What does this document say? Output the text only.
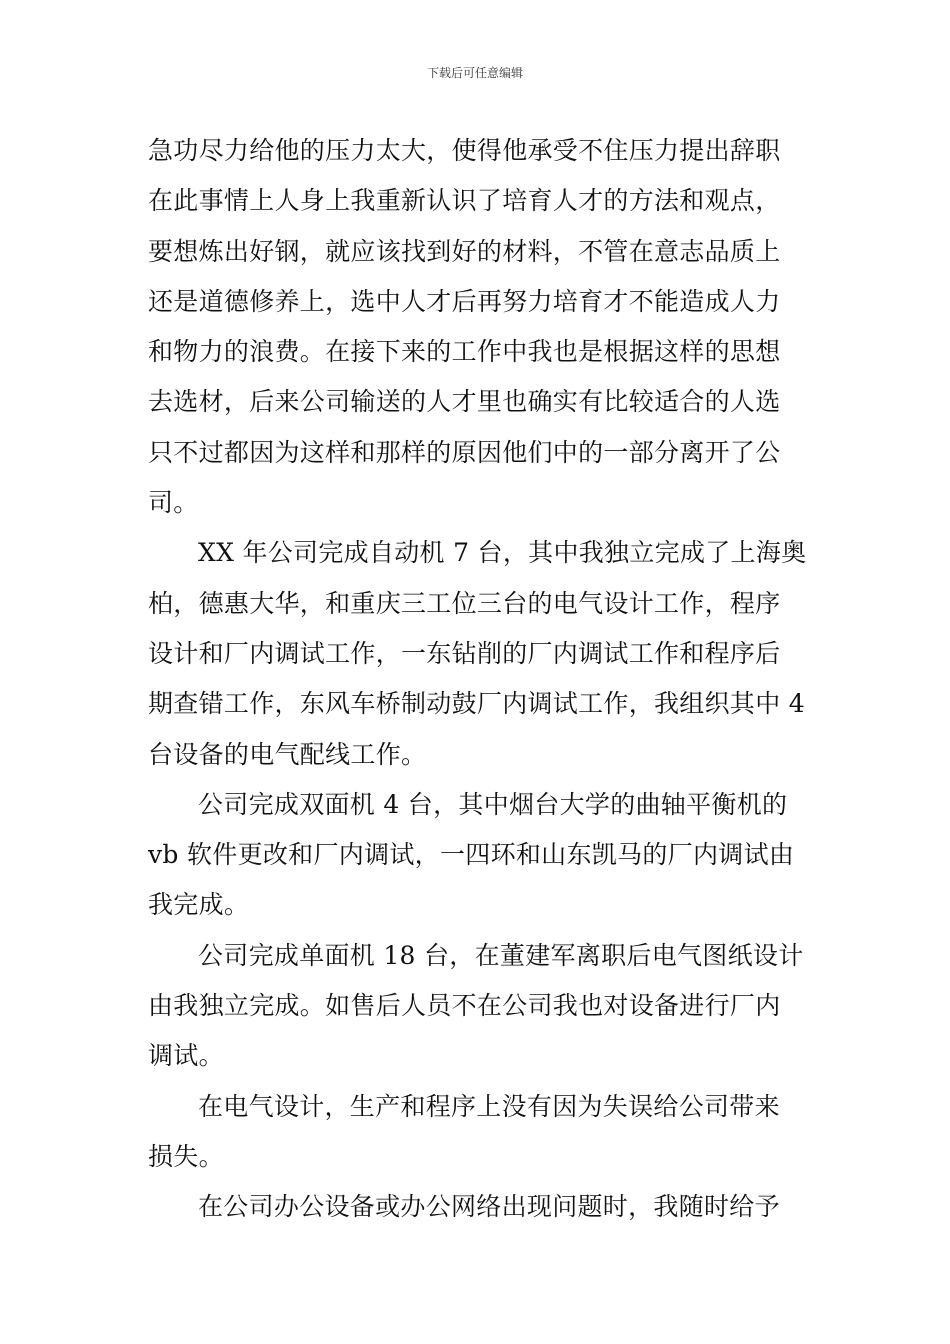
下载后可任意编辑
急功尽力给他的压力太大，使得他承受不住压力提出辞职
在此事情上人身上我重新认识了培育人才的方法和观点，
要想炼出好钢，就应该找到好的材料，不管在意志品质上
还是道德修养上，选中人才后再努力培育才不能造成人力
和物力的浪费。在接下来的工作中我也是根据这样的思想
去选材，后来公司输送的人才里也确实有比较适合的人选
只不过都因为这样和那样的原因他们中的一部分离开了公
司。
XX 年公司完成自动机 7 台，其中我独立完成了上海奥
柏，德惠大华，和重庆三工位三台的电气设计工作，程序
设计和厂内调试工作，一东钻削的厂内调试工作和程序后
期查错工作，东风车桥制动鼓厂内调试工作，我组织其中 4
台设备的电气配线工作。
公司完成双面机 4 台，其中烟台大学的曲轴平衡机的
vb 软件更改和厂内调试，一四环和山东凯马的厂内调试由
我完成。
公司完成单面机 18 台，在董建军离职后电气图纸设计
由我独立完成。如售后人员不在公司我也对设备进行厂内
调试。
在电气设计，生产和程序上没有因为失误给公司带来
损失。
在公司办公设备或办公网络出现问题时，我随时给予
